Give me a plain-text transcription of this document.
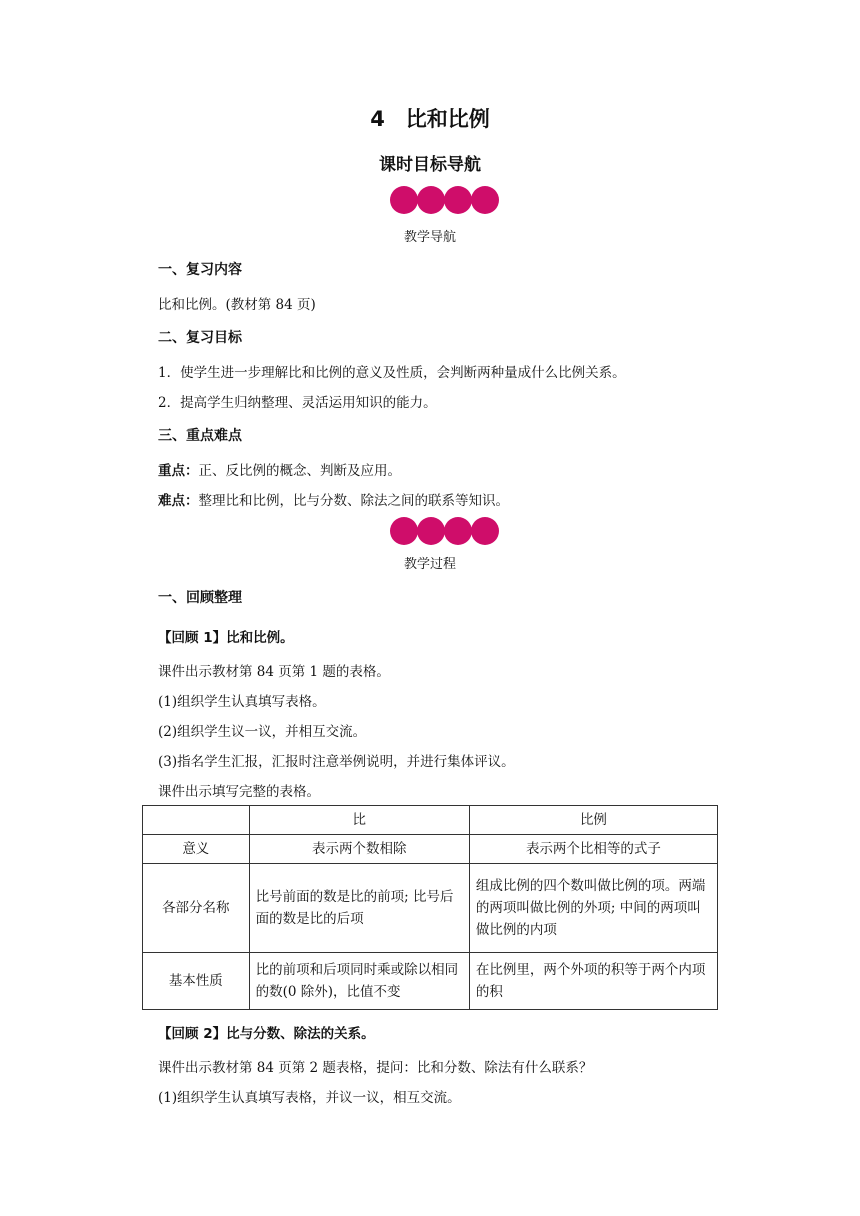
4　比和比例
课时目标导航
教学导航
一、复习内容
比和比例。(教材第 84 页)
二、复习目标
1．使学生进一步理解比和比例的意义及性质，会判断两种量成什么比例关系。
2．提高学生归纳整理、灵活运用知识的能力。
三、重点难点
重点：正、反比例的概念、判断及应用。
难点：整理比和比例，比与分数、除法之间的联系等知识。
教学过程
一、回顾整理
【回顾 1】比和比例。
课件出示教材第 84 页第 1 题的表格。
(1)组织学生认真填写表格。
(2)组织学生议一议，并相互交流。
(3)指名学生汇报，汇报时注意举例说明，并进行集体评议。
课件出示填写完整的表格。
	比	比例
意义	表示两个数相除	表示两个比相等的式子
各部分名称	比号前面的数是比的前项; 比号后面的数是比的后项	组成比例的四个数叫做比例的项。两端的两项叫做比例的外项; 中间的两项叫做比例的内项
基本性质	比的前项和后项同时乘或除以相同的数(0 除外)，比值不变	在比例里，两个外项的积等于两个内项的积
【回顾 2】比与分数、除法的关系。
课件出示教材第 84 页第 2 题表格，提问：比和分数、除法有什么联系？
(1)组织学生认真填写表格，并议一议，相互交流。
